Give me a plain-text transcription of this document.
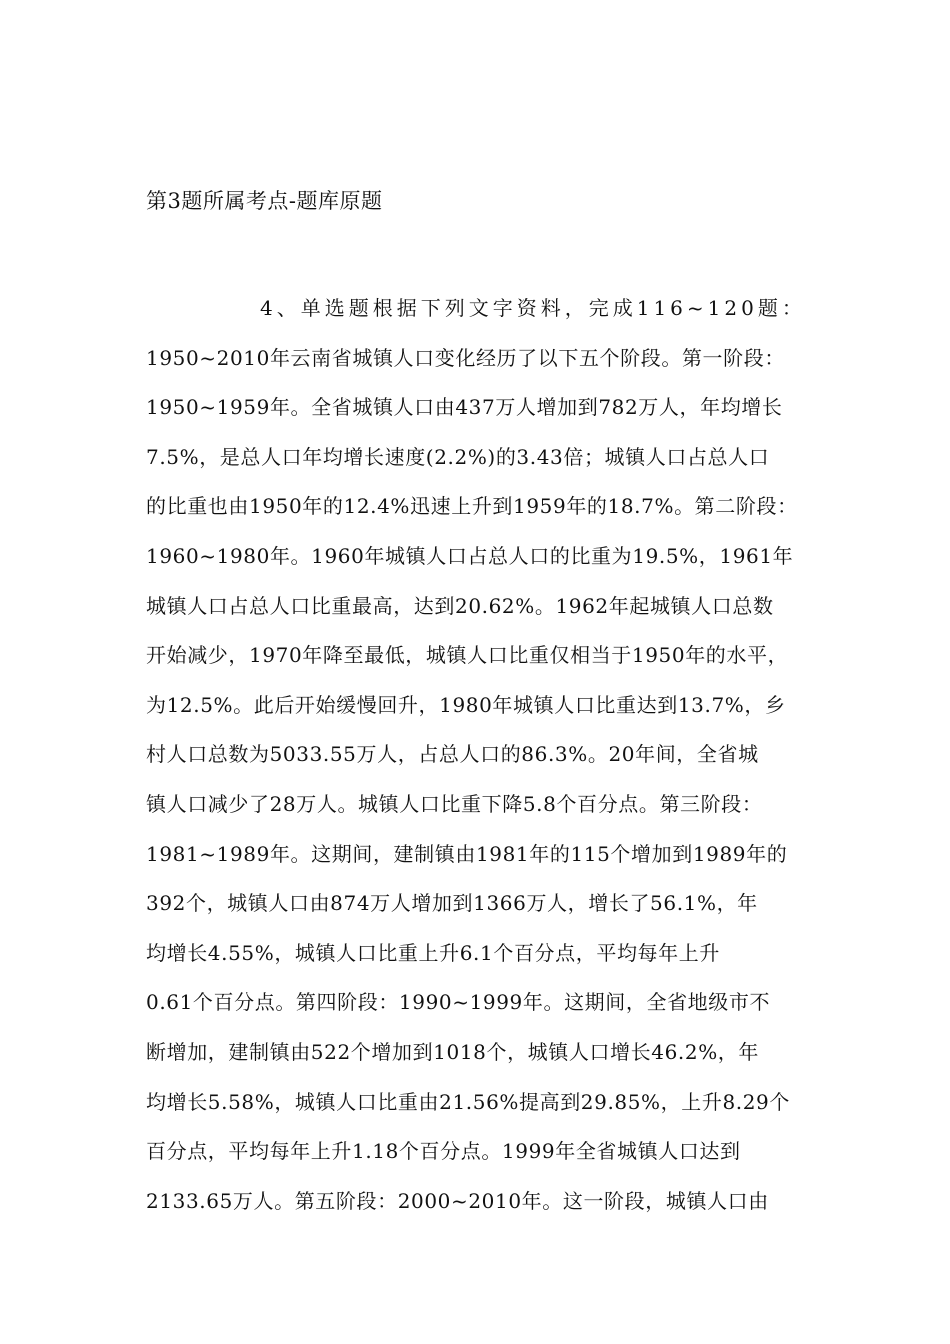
第3题所属考点-题库原题
4、单选题根据下列文字资料，完成116~120题：
1950~2010年云南省城镇人口变化经历了以下五个阶段。第一阶段：
1950~1959年。全省城镇人口由437万人增加到782万人，年均增长
7.5%，是总人口年均增长速度(2.2%)的3.43倍；城镇人口占总人口
的比重也由1950年的12.4%迅速上升到1959年的18.7%。第二阶段：
1960~1980年。1960年城镇人口占总人口的比重为19.5%，1961年
城镇人口占总人口比重最高，达到20.62%。1962年起城镇人口总数
开始减少，1970年降至最低，城镇人口比重仅相当于1950年的水平，
为12.5%。此后开始缓慢回升，1980年城镇人口比重达到13.7%，乡
村人口总数为5033.55万人，占总人口的86.3%。20年间，全省城
镇人口减少了28万人。城镇人口比重下降5.8个百分点。第三阶段：
1981~1989年。这期间，建制镇由1981年的115个增加到1989年的
392个，城镇人口由874万人增加到1366万人，增长了56.1%，年
均增长4.55%，城镇人口比重上升6.1个百分点，平均每年上升
0.61个百分点。第四阶段：1990~1999年。这期间，全省地级市不
断增加，建制镇由522个增加到1018个，城镇人口增长46.2%，年
均增长5.58%，城镇人口比重由21.56%提高到29.85%，上升8.29个
百分点，平均每年上升1.18个百分点。1999年全省城镇人口达到
2133.65万人。第五阶段：2000~2010年。这一阶段，城镇人口由
